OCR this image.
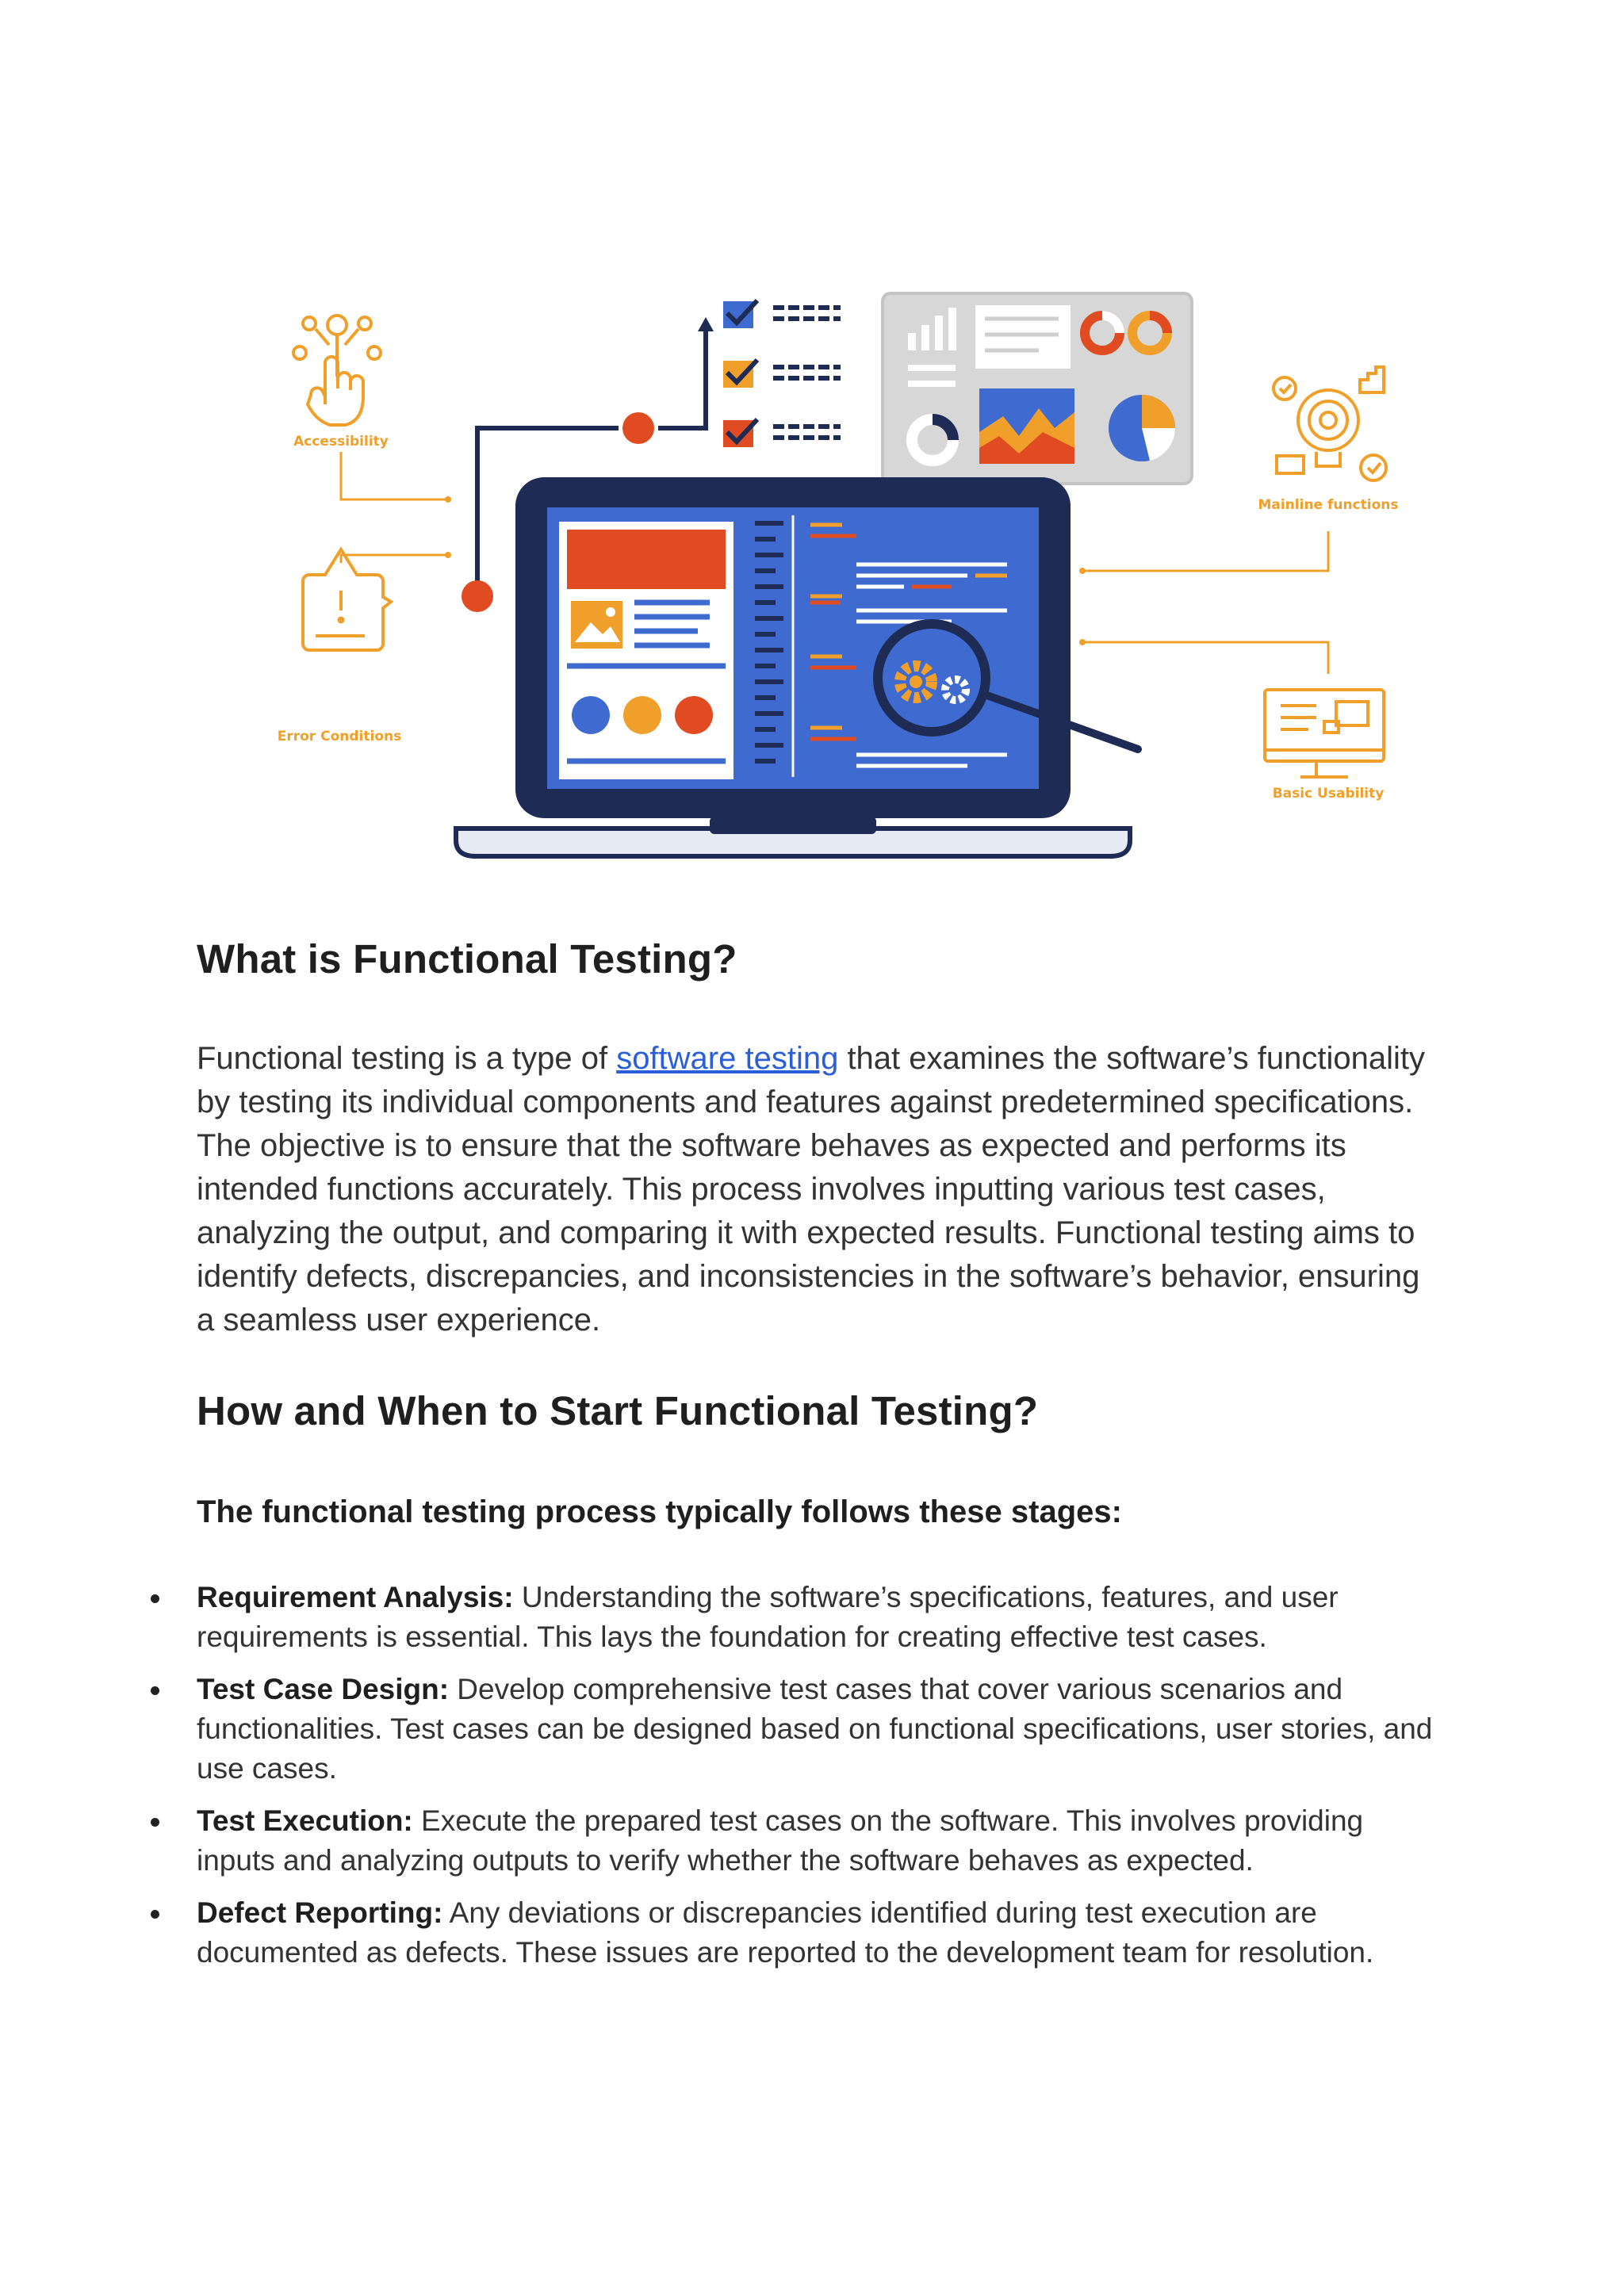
Accessibility
Error Conditions
Mainline functions
Basic Usability
What is Functional Testing?

Functional testing is a type of software testing that examines the software’s functionality by testing its individual components and features against predetermined specifications. The objective is to ensure that the software behaves as expected and performs its intended functions accurately. This process involves inputting various test cases, analyzing the output, and comparing it with expected results. Functional testing aims to identify defects, discrepancies, and inconsistencies in the software’s behavior, ensuring a seamless user experience.

How and When to Start Functional Testing?
The functional testing process typically follows these stages:
Requirement Analysis: Understanding the software’s specifications, features, and user requirements is essential. This lays the foundation for creating effective test cases.
Test Case Design: Develop comprehensive test cases that cover various scenarios and functionalities. Test cases can be designed based on functional specifications, user stories, and use cases.
Test Execution: Execute the prepared test cases on the software. This involves providing inputs and analyzing outputs to verify whether the software behaves as expected.
Defect Reporting: Any deviations or discrepancies identified during test execution are documented as defects. These issues are reported to the development team for resolution.
